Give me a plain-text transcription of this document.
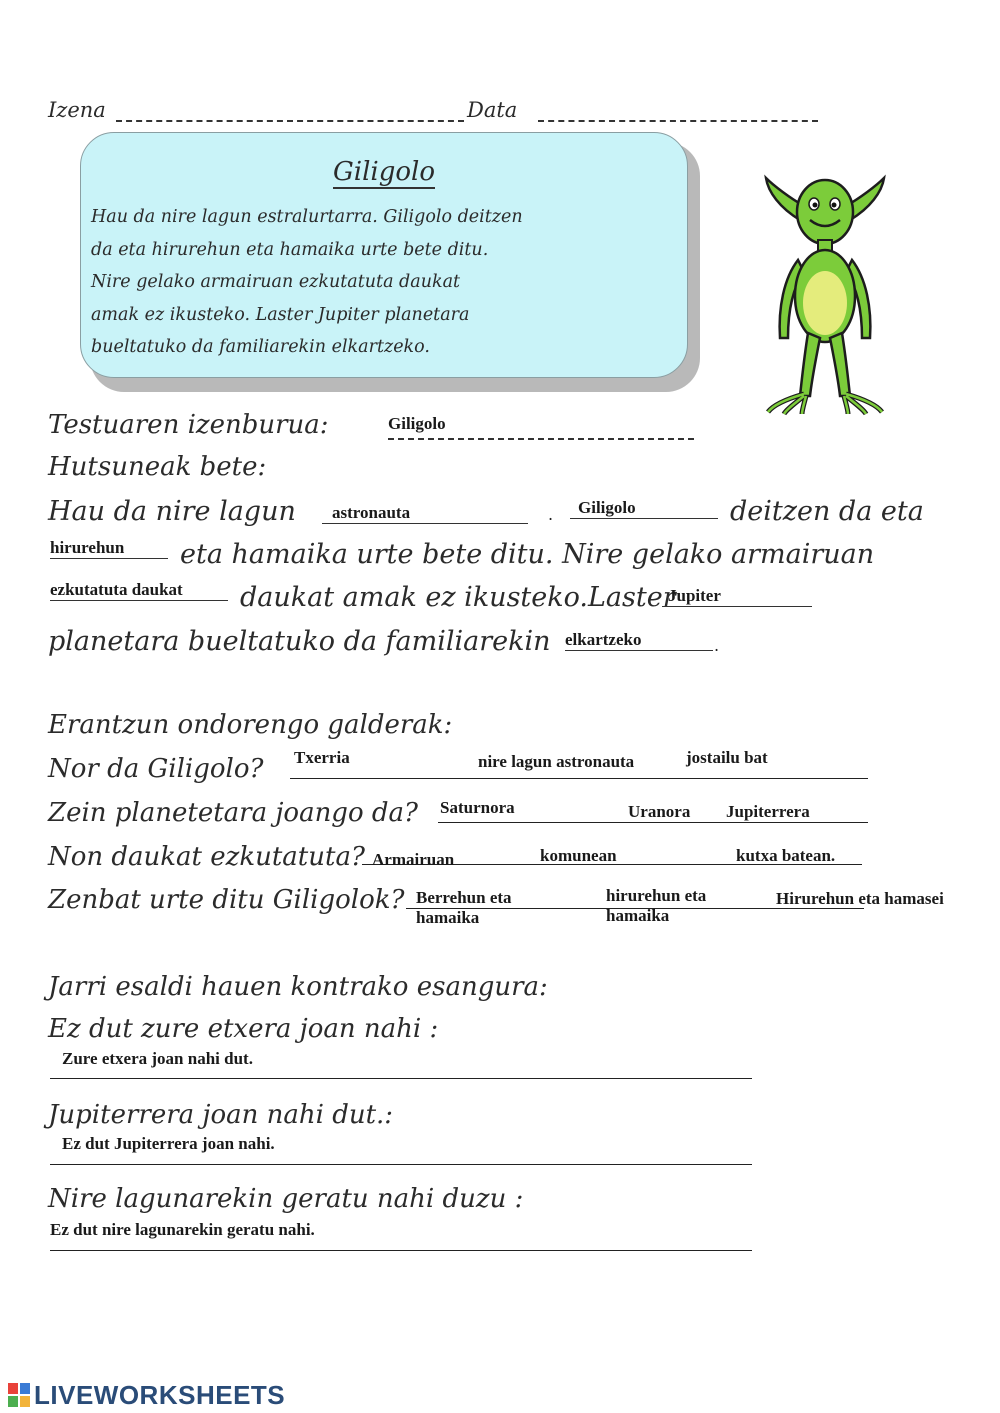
Izena	Data
Giligolo
Hau da nire lagun estralurtarra. Giligolo deitzen
da eta hirurehun eta hamaika urte bete ditu.
Nire gelako armairuan ezkutatuta daukat
amak ez ikusteko. Laster Jupiter planetara
bueltatuko da familiarekin elkartzeko.
Testuaren izenburua:	Giligolo
Hutsuneak bete:
Hau da nire lagun	astronauta	.	Giligolo	deitzen da eta
hirurehun	eta hamaika urte bete ditu. Nire gelako armairuan
ezkutatuta daukat	daukat amak ez ikusteko.Laster
Jupiter
planetara bueltatuko da familiarekin elkartzeko	.
Erantzun ondorengo galderak:
Nor da Giligolo? Txerria	nire lagun astronauta	jostailu bat
Zein planetetara joango da? Saturnora	Uranora Jupiterrera
Non daukat ezkutatuta? Armairuan	komunean	kutxa batean.
Zenbat urte ditu Giligolok? Berrehun eta hamaika
hirurehun eta hamaika
Hirurehun eta hamasei
Jarri esaldi hauen kontrako esangura:
Ez dut zure etxera joan nahi :
Zure etxera joan nahi dut.
Jupiterrera joan nahi dut.:
Ez dut Jupiterrera joan nahi.
Nire lagunarekin geratu nahi duzu :
Ez dut nire lagunarekin geratu nahi.
LIVEWORKSHEETS
